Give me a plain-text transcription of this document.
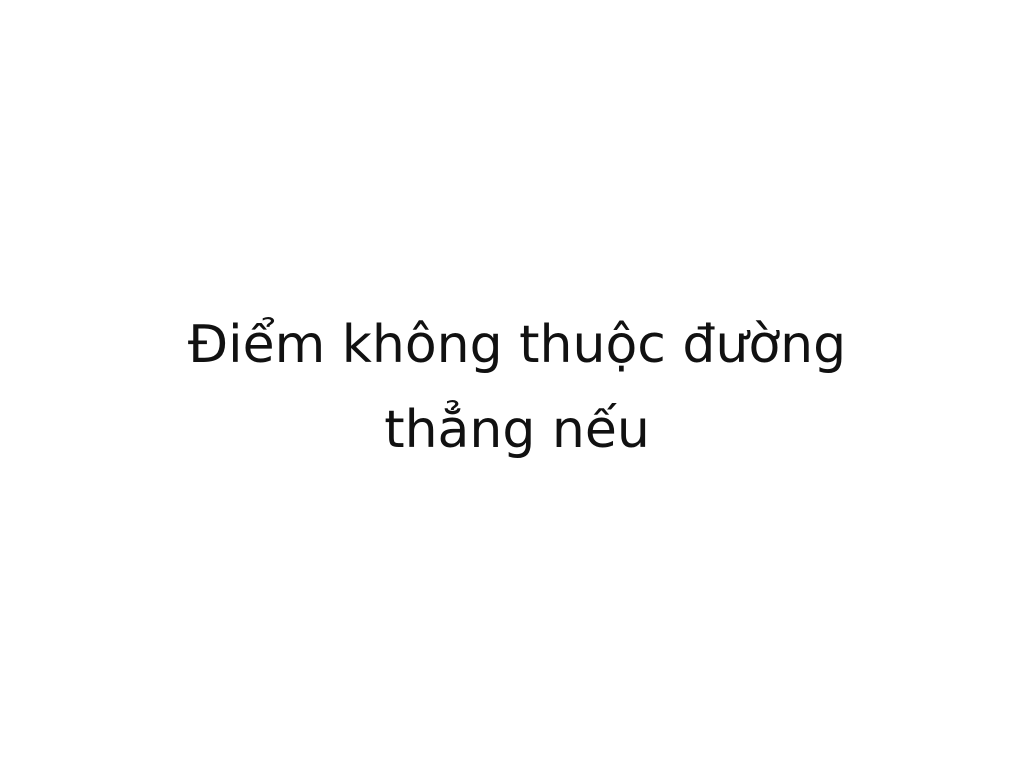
Điểm không thuộc đường
thẳng nếu
